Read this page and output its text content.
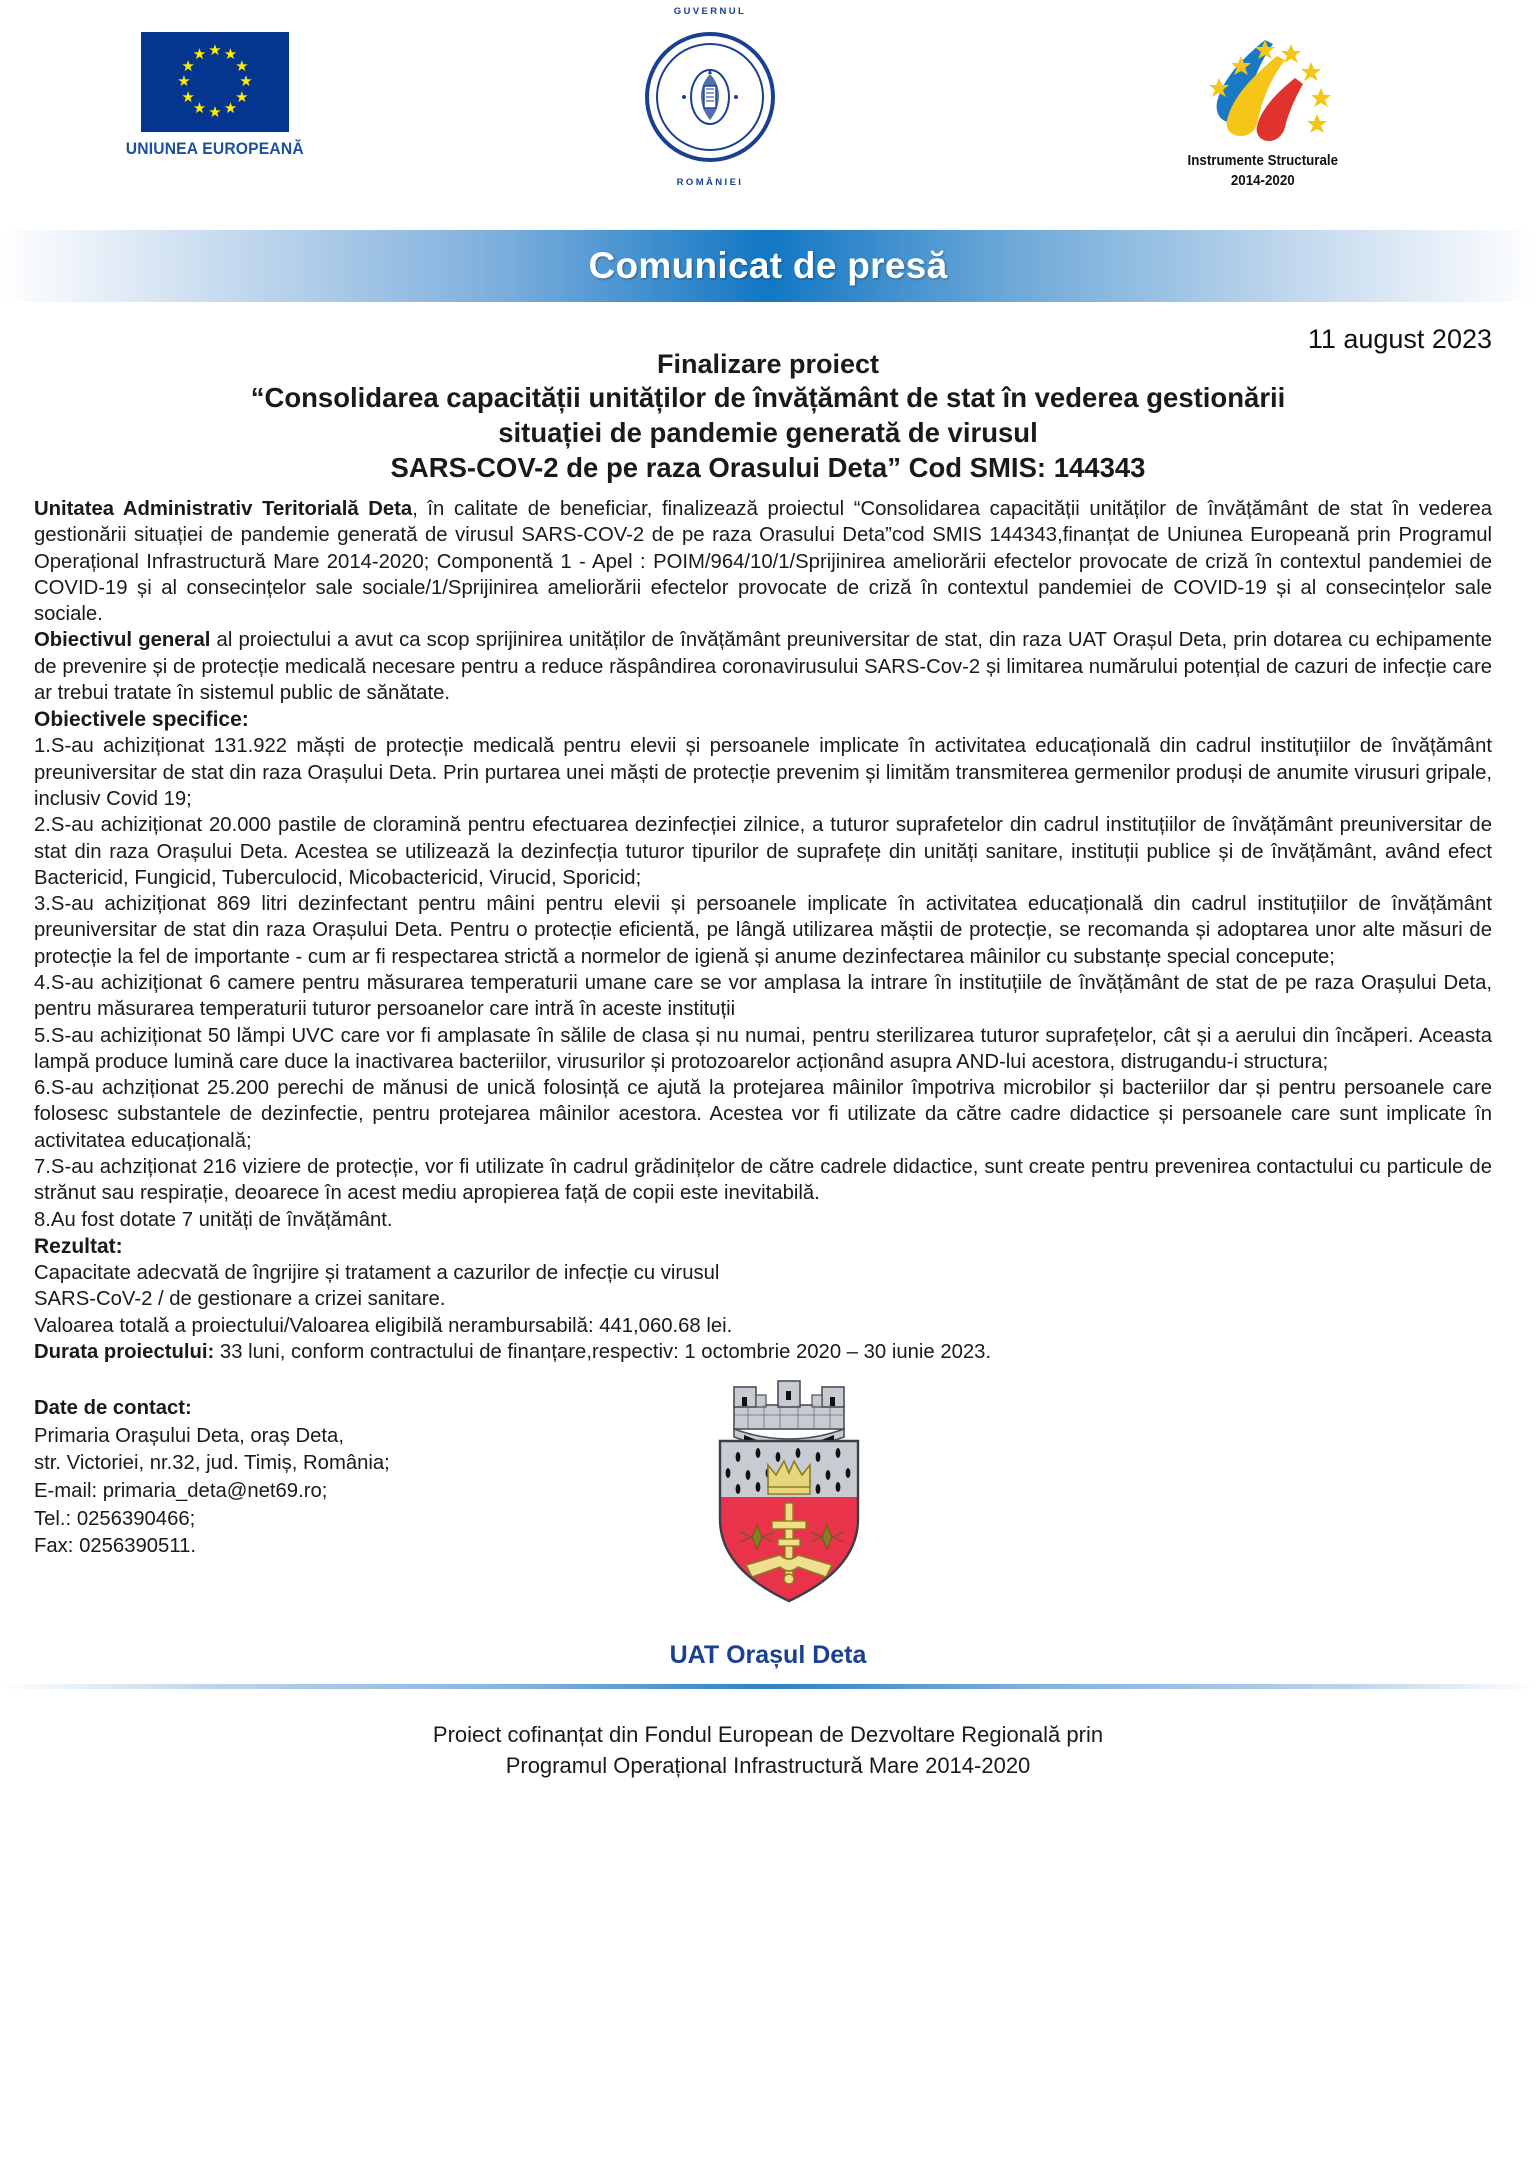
★ ★
★
★
★
★
★
★
★
★
★
★
UNIUNEA EUROPEANĂ
GUVERNUL
ROMÂNIEI
Instrumente Structurale
2014-2020
Comunicat de presă
11 august 2023
Finalizare proiect
“Consolidarea capacității unităților de învățământ de stat în vederea gestionării
situației de pandemie generată de virusul
SARS-COV-2 de pe raza Orasului Deta” Cod SMIS: 144343

Unitatea Administrativ Teritorială Deta, în calitate de beneficiar, finalizează proiectul “Consolidarea capacității unităților de învățământ de stat în vederea gestionării situației de pandemie generată de virusul SARS-COV-2 de pe raza Orasului Deta”cod SMIS 144343,finanțat de Uniunea Europeană prin Programul Operațional Infrastructură Mare 2014-2020; Componentă 1 - Apel : POIM/964/10/1/Sprijinirea ameliorării efectelor provocate de criză în contextul pandemiei de COVID-19 și al consecințelor sale sociale/1/Sprijinirea ameliorării efectelor provocate de criză în contextul pandemiei de COVID-19 și al consecințelor sale sociale.

Obiectivul general al proiectului a avut ca scop sprijinirea unităților de învățământ preuniversitar de stat, din raza UAT Orașul Deta, prin dotarea cu echipamente de prevenire și de protecție medicală necesare pentru a reduce răspândirea coronavirusului SARS-Cov-2 și limitarea numărului potențial de cazuri de infecție care ar trebui tratate în sistemul public de sănătate.

Obiectivele specifice:

1.S-au achiziționat 131.922 măști de protecție medicală pentru elevii și persoanele implicate în activitatea educațională din cadrul instituțiilor de învățământ preuniversitar de stat din raza Orașului Deta. Prin purtarea unei măști de protecție prevenim și limităm transmiterea germenilor produși de anumite virusuri gripale, inclusiv Covid 19;

2.S-au achiziționat 20.000 pastile de cloramină pentru efectuarea dezinfecției zilnice, a tuturor suprafetelor din cadrul instituțiilor de învățământ preuniversitar de stat din raza Orașului Deta. Acestea se utilizează la dezinfecția tuturor tipurilor de suprafețe din unități sanitare, instituții publice și de învățământ, având efect Bactericid, Fungicid, Tuberculocid, Micobactericid, Virucid, Sporicid;

3.S-au achiziționat 869 litri dezinfectant pentru mâini pentru elevii și persoanele implicate în activitatea educațională din cadrul instituțiilor de învățământ preuniversitar de stat din raza Orașului Deta. Pentru o protecție eficientă, pe lângă utilizarea măștii de protecție, se recomanda și adoptarea unor alte măsuri de protecție la fel de importante - cum ar fi respectarea strictă a normelor de igienă și anume dezinfectarea mâinilor cu substanțe special concepute;

4.S-au achiziționat 6 camere pentru măsurarea temperaturii umane care se vor amplasa la intrare în instituțiile de învățământ de stat de pe raza Orașului Deta, pentru măsurarea temperaturii tuturor persoanelor care intră în aceste instituții

5.S-au achiziționat 50 lămpi UVC care vor fi amplasate în sălile de clasa și nu numai, pentru sterilizarea tuturor suprafețelor, cât și a aerului din încăperi. Aceasta lampă produce lumină care duce la inactivarea bacteriilor, virusurilor și protozoarelor acționând asupra AND-lui acestora, distrugandu-i structura;

6.S-au achziționat 25.200 perechi de mănusi de unică folosință ce ajută la protejarea mâinilor împotriva microbilor și bacteriilor dar și pentru persoanele care folosesc substantele de dezinfectie, pentru protejarea mâinilor acestora. Acestea vor fi utilizate da către cadre didactice și persoanele care sunt implicate în activitatea educațională;

7.S-au achziționat 216 viziere de protecție, vor fi utilizate în cadrul grădinițelor de către cadrele didactice, sunt create pentru prevenirea contactului cu particule de strănut sau respirație, deoarece în acest mediu apropierea față de copii este inevitabilă.

8.Au fost dotate 7 unități de învățământ.

Rezultat:

Capacitate adecvată de îngrijire și tratament a cazurilor de infecție cu virusul

SARS-CoV-2 / de gestionare a crizei sanitare.

Valoarea totală a proiectului/Valoarea eligibilă nerambursabilă: 441,060.68 lei.

Durata proiectului: 33 luni, conform contractului de finanțare,respectiv: 1 octombrie 2020 – 30 iunie 2023.

Date de contact:
Primaria Orașului Deta, oraș Deta,
str. Victoriei, nr.32, jud. Timiș, România;
E-mail: primaria_deta@net69.ro;
Tel.: 0256390466;
Fax: 0256390511.
UAT Orașul Deta
Proiect cofinanțat din Fondul European de Dezvoltare Regională prin
Programul Operațional Infrastructură Mare 2014-2020
